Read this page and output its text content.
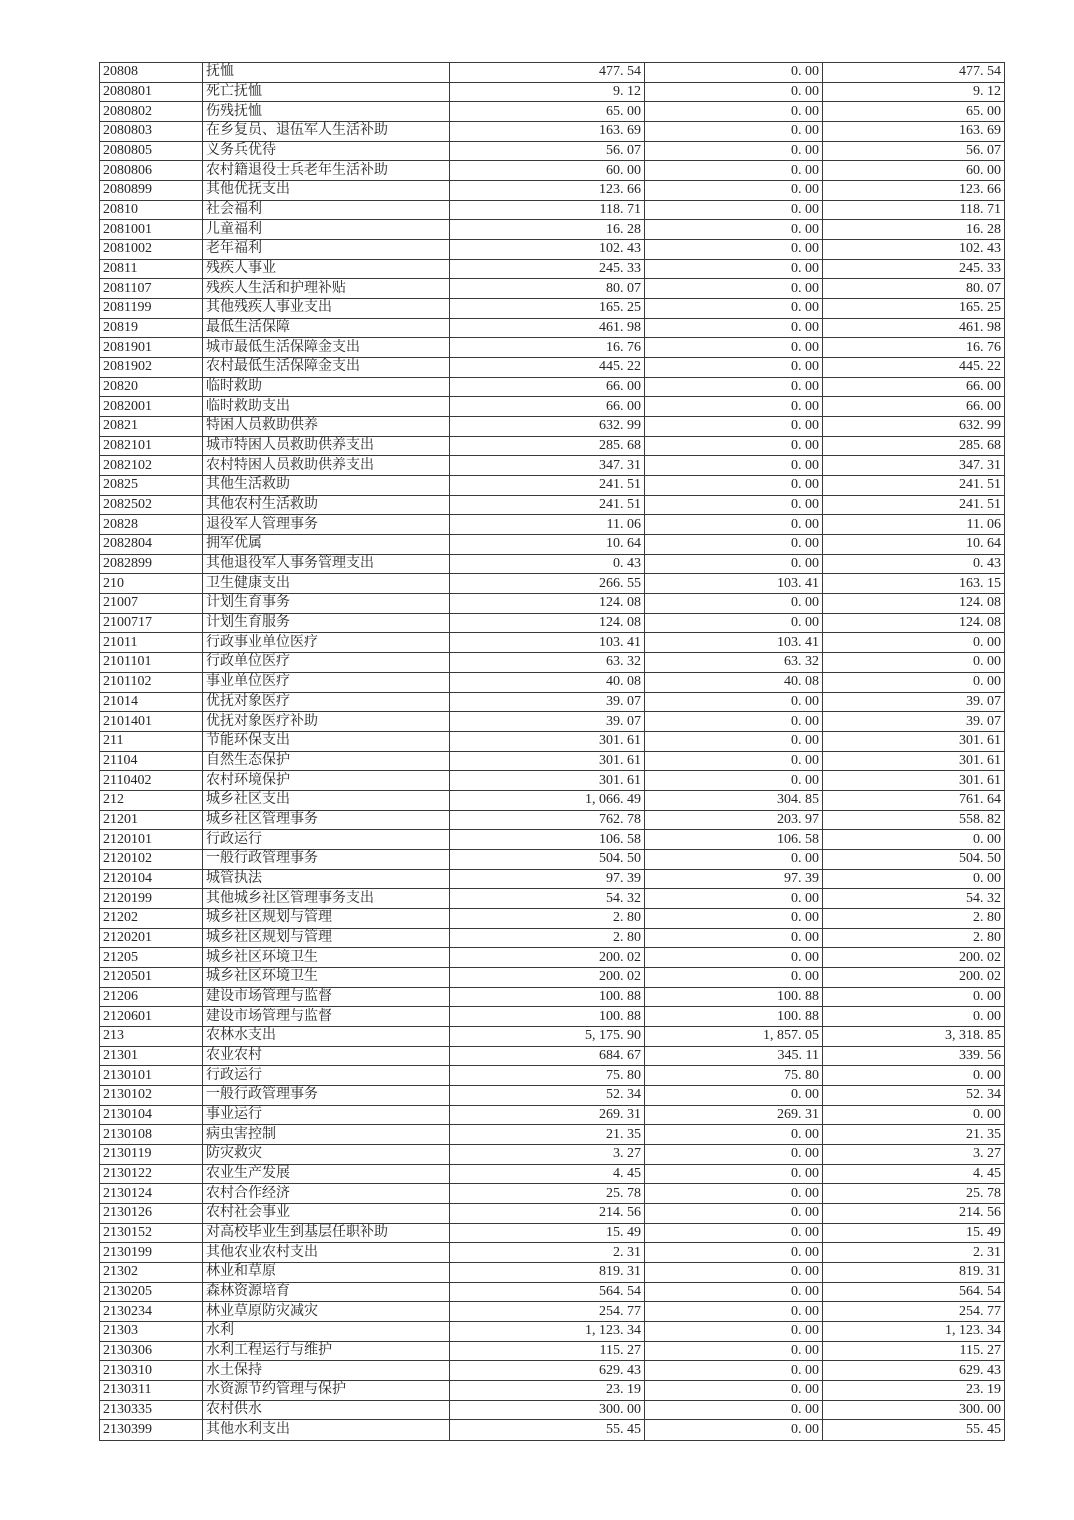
20808	抚恤	477. 54	0. 00	477. 54
2080801	死亡抚恤	9. 12	0. 00	9. 12
2080802	伤残抚恤	65. 00	0. 00	65. 00
2080803	在乡复员、退伍军人生活补助	163. 69	0. 00	163. 69
2080805	义务兵优待	56. 07	0. 00	56. 07
2080806	农村籍退役士兵老年生活补助	60. 00	0. 00	60. 00
2080899	其他优抚支出	123. 66	0. 00	123. 66
20810	社会福利	118. 71	0. 00	118. 71
2081001	儿童福利	16. 28	0. 00	16. 28
2081002	老年福利	102. 43	0. 00	102. 43
20811	残疾人事业	245. 33	0. 00	245. 33
2081107	残疾人生活和护理补贴	80. 07	0. 00	80. 07
2081199	其他残疾人事业支出	165. 25	0. 00	165. 25
20819	最低生活保障	461. 98	0. 00	461. 98
2081901	城市最低生活保障金支出	16. 76	0. 00	16. 76
2081902	农村最低生活保障金支出	445. 22	0. 00	445. 22
20820	临时救助	66. 00	0. 00	66. 00
2082001	临时救助支出	66. 00	0. 00	66. 00
20821	特困人员救助供养	632. 99	0. 00	632. 99
2082101	城市特困人员救助供养支出	285. 68	0. 00	285. 68
2082102	农村特困人员救助供养支出	347. 31	0. 00	347. 31
20825	其他生活救助	241. 51	0. 00	241. 51
2082502	其他农村生活救助	241. 51	0. 00	241. 51
20828	退役军人管理事务	11. 06	0. 00	11. 06
2082804	拥军优属	10. 64	0. 00	10. 64
2082899	其他退役军人事务管理支出	0. 43	0. 00	0. 43
210	卫生健康支出	266. 55	103. 41	163. 15
21007	计划生育事务	124. 08	0. 00	124. 08
2100717	计划生育服务	124. 08	0. 00	124. 08
21011	行政事业单位医疗	103. 41	103. 41	0. 00
2101101	行政单位医疗	63. 32	63. 32	0. 00
2101102	事业单位医疗	40. 08	40. 08	0. 00
21014	优抚对象医疗	39. 07	0. 00	39. 07
2101401	优抚对象医疗补助	39. 07	0. 00	39. 07
211	节能环保支出	301. 61	0. 00	301. 61
21104	自然生态保护	301. 61	0. 00	301. 61
2110402	农村环境保护	301. 61	0. 00	301. 61
212	城乡社区支出	1, 066. 49	304. 85	761. 64
21201	城乡社区管理事务	762. 78	203. 97	558. 82
2120101	行政运行	106. 58	106. 58	0. 00
2120102	一般行政管理事务	504. 50	0. 00	504. 50
2120104	城管执法	97. 39	97. 39	0. 00
2120199	其他城乡社区管理事务支出	54. 32	0. 00	54. 32
21202	城乡社区规划与管理	2. 80	0. 00	2. 80
2120201	城乡社区规划与管理	2. 80	0. 00	2. 80
21205	城乡社区环境卫生	200. 02	0. 00	200. 02
2120501	城乡社区环境卫生	200. 02	0. 00	200. 02
21206	建设市场管理与监督	100. 88	100. 88	0. 00
2120601	建设市场管理与监督	100. 88	100. 88	0. 00
213	农林水支出	5, 175. 90	1, 857. 05	3, 318. 85
21301	农业农村	684. 67	345. 11	339. 56
2130101	行政运行	75. 80	75. 80	0. 00
2130102	一般行政管理事务	52. 34	0. 00	52. 34
2130104	事业运行	269. 31	269. 31	0. 00
2130108	病虫害控制	21. 35	0. 00	21. 35
2130119	防灾救灾	3. 27	0. 00	3. 27
2130122	农业生产发展	4. 45	0. 00	4. 45
2130124	农村合作经济	25. 78	0. 00	25. 78
2130126	农村社会事业	214. 56	0. 00	214. 56
2130152	对高校毕业生到基层任职补助	15. 49	0. 00	15. 49
2130199	其他农业农村支出	2. 31	0. 00	2. 31
21302	林业和草原	819. 31	0. 00	819. 31
2130205	森林资源培育	564. 54	0. 00	564. 54
2130234	林业草原防灾减灾	254. 77	0. 00	254. 77
21303	水利	1, 123. 34	0. 00	1, 123. 34
2130306	水利工程运行与维护	115. 27	0. 00	115. 27
2130310	水土保持	629. 43	0. 00	629. 43
2130311	水资源节约管理与保护	23. 19	0. 00	23. 19
2130335	农村供水	300. 00	0. 00	300. 00
2130399	其他水利支出	55. 45	0. 00	55. 45
